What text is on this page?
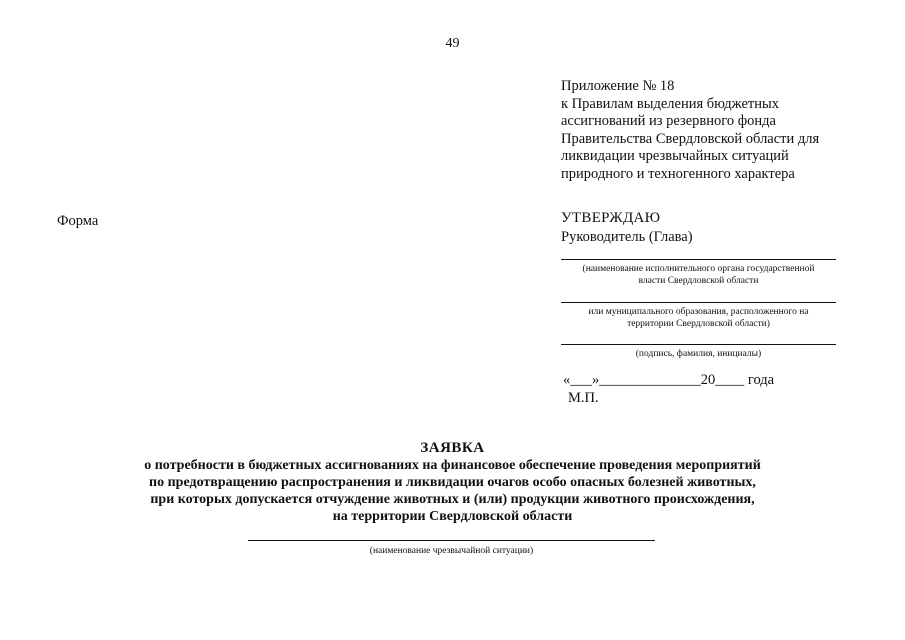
49
Приложение № 18
к Правилам выделения бюджетных
ассигнований из резервного фонда
Правительства Свердловской области для
ликвидации чрезвычайных ситуаций
природного и техногенного характера
Форма	УТВЕРЖДАЮ
Руководитель (Глава)
(наименование исполнительного органа государственной
власти Свердловской области
или муниципального образования, расположенного на
территории Свердловской области)
(подпись, фамилия, инициалы)
«___»______________20____ года
М.П.
ЗАЯВКА
о потребности в бюджетных ассигнованиях на финансовое обеспечение проведения мероприятий
по предотвращению распространения и ликвидации очагов особо опасных болезней животных,
при которых допускается отчуждение животных и (или) продукции животного происхождения,
на территории Свердловской области
(наименование чрезвычайной ситуации)
